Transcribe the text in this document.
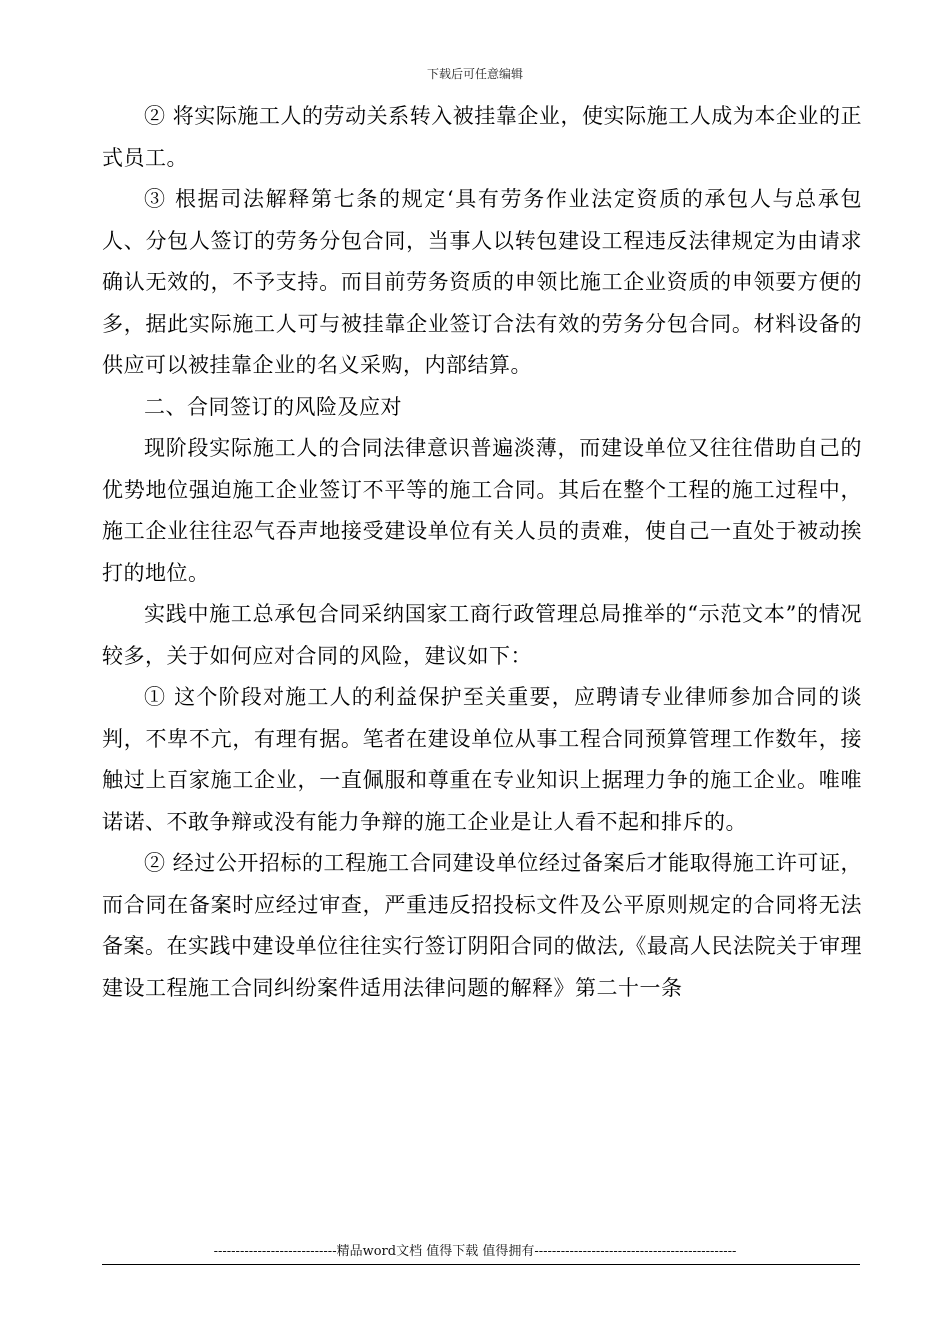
下载后可任意编辑

② 将实际施工人的劳动关系转入被挂靠企业，使实际施工人成为本企业的正式员工。

③ 根据司法解释第七条的规定‘具有劳务作业法定资质的承包人与总承包人、分包人签订的劳务分包合同，当事人以转包建设工程违反法律规定为由请求确认无效的，不予支持。而目前劳务资质的申领比施工企业资质的申领要方便的多，据此实际施工人可与被挂靠企业签订合法有效的劳务分包合同。材料设备的供应可以被挂靠企业的名义采购，内部结算。

二、合同签订的风险及应对

现阶段实际施工人的合同法律意识普遍淡薄，而建设单位又往往借助自己的优势地位强迫施工企业签订不平等的施工合同。其后在整个工程的施工过程中，施工企业往往忍气吞声地接受建设单位有关人员的责难，使自己一直处于被动挨打的地位。

实践中施工总承包合同采纳国家工商行政管理总局推举的“示范文本”的情况较多，关于如何应对合同的风险，建议如下：

① 这个阶段对施工人的利益保护至关重要，应聘请专业律师参加合同的谈判，不卑不亢，有理有据。笔者在建设单位从事工程合同预算管理工作数年，接触过上百家施工企业，一直佩服和尊重在专业知识上据理力争的施工企业。唯唯诺诺、不敢争辩或没有能力争辩的施工企业是让人看不起和排斥的。

② 经过公开招标的工程施工合同建设单位经过备案后才能取得施工许可证，而合同在备案时应经过审查，严重违反招投标文件及公平原则规定的合同将无法备案。在实践中建设单位往往实行签订阴阳合同的做法,《最高人民法院关于审理建设工程施工合同纠纷案件适用法律问题的解释》第二十一条

----------------------------精品word文档 值得下载 值得拥有----------------------------------------------
